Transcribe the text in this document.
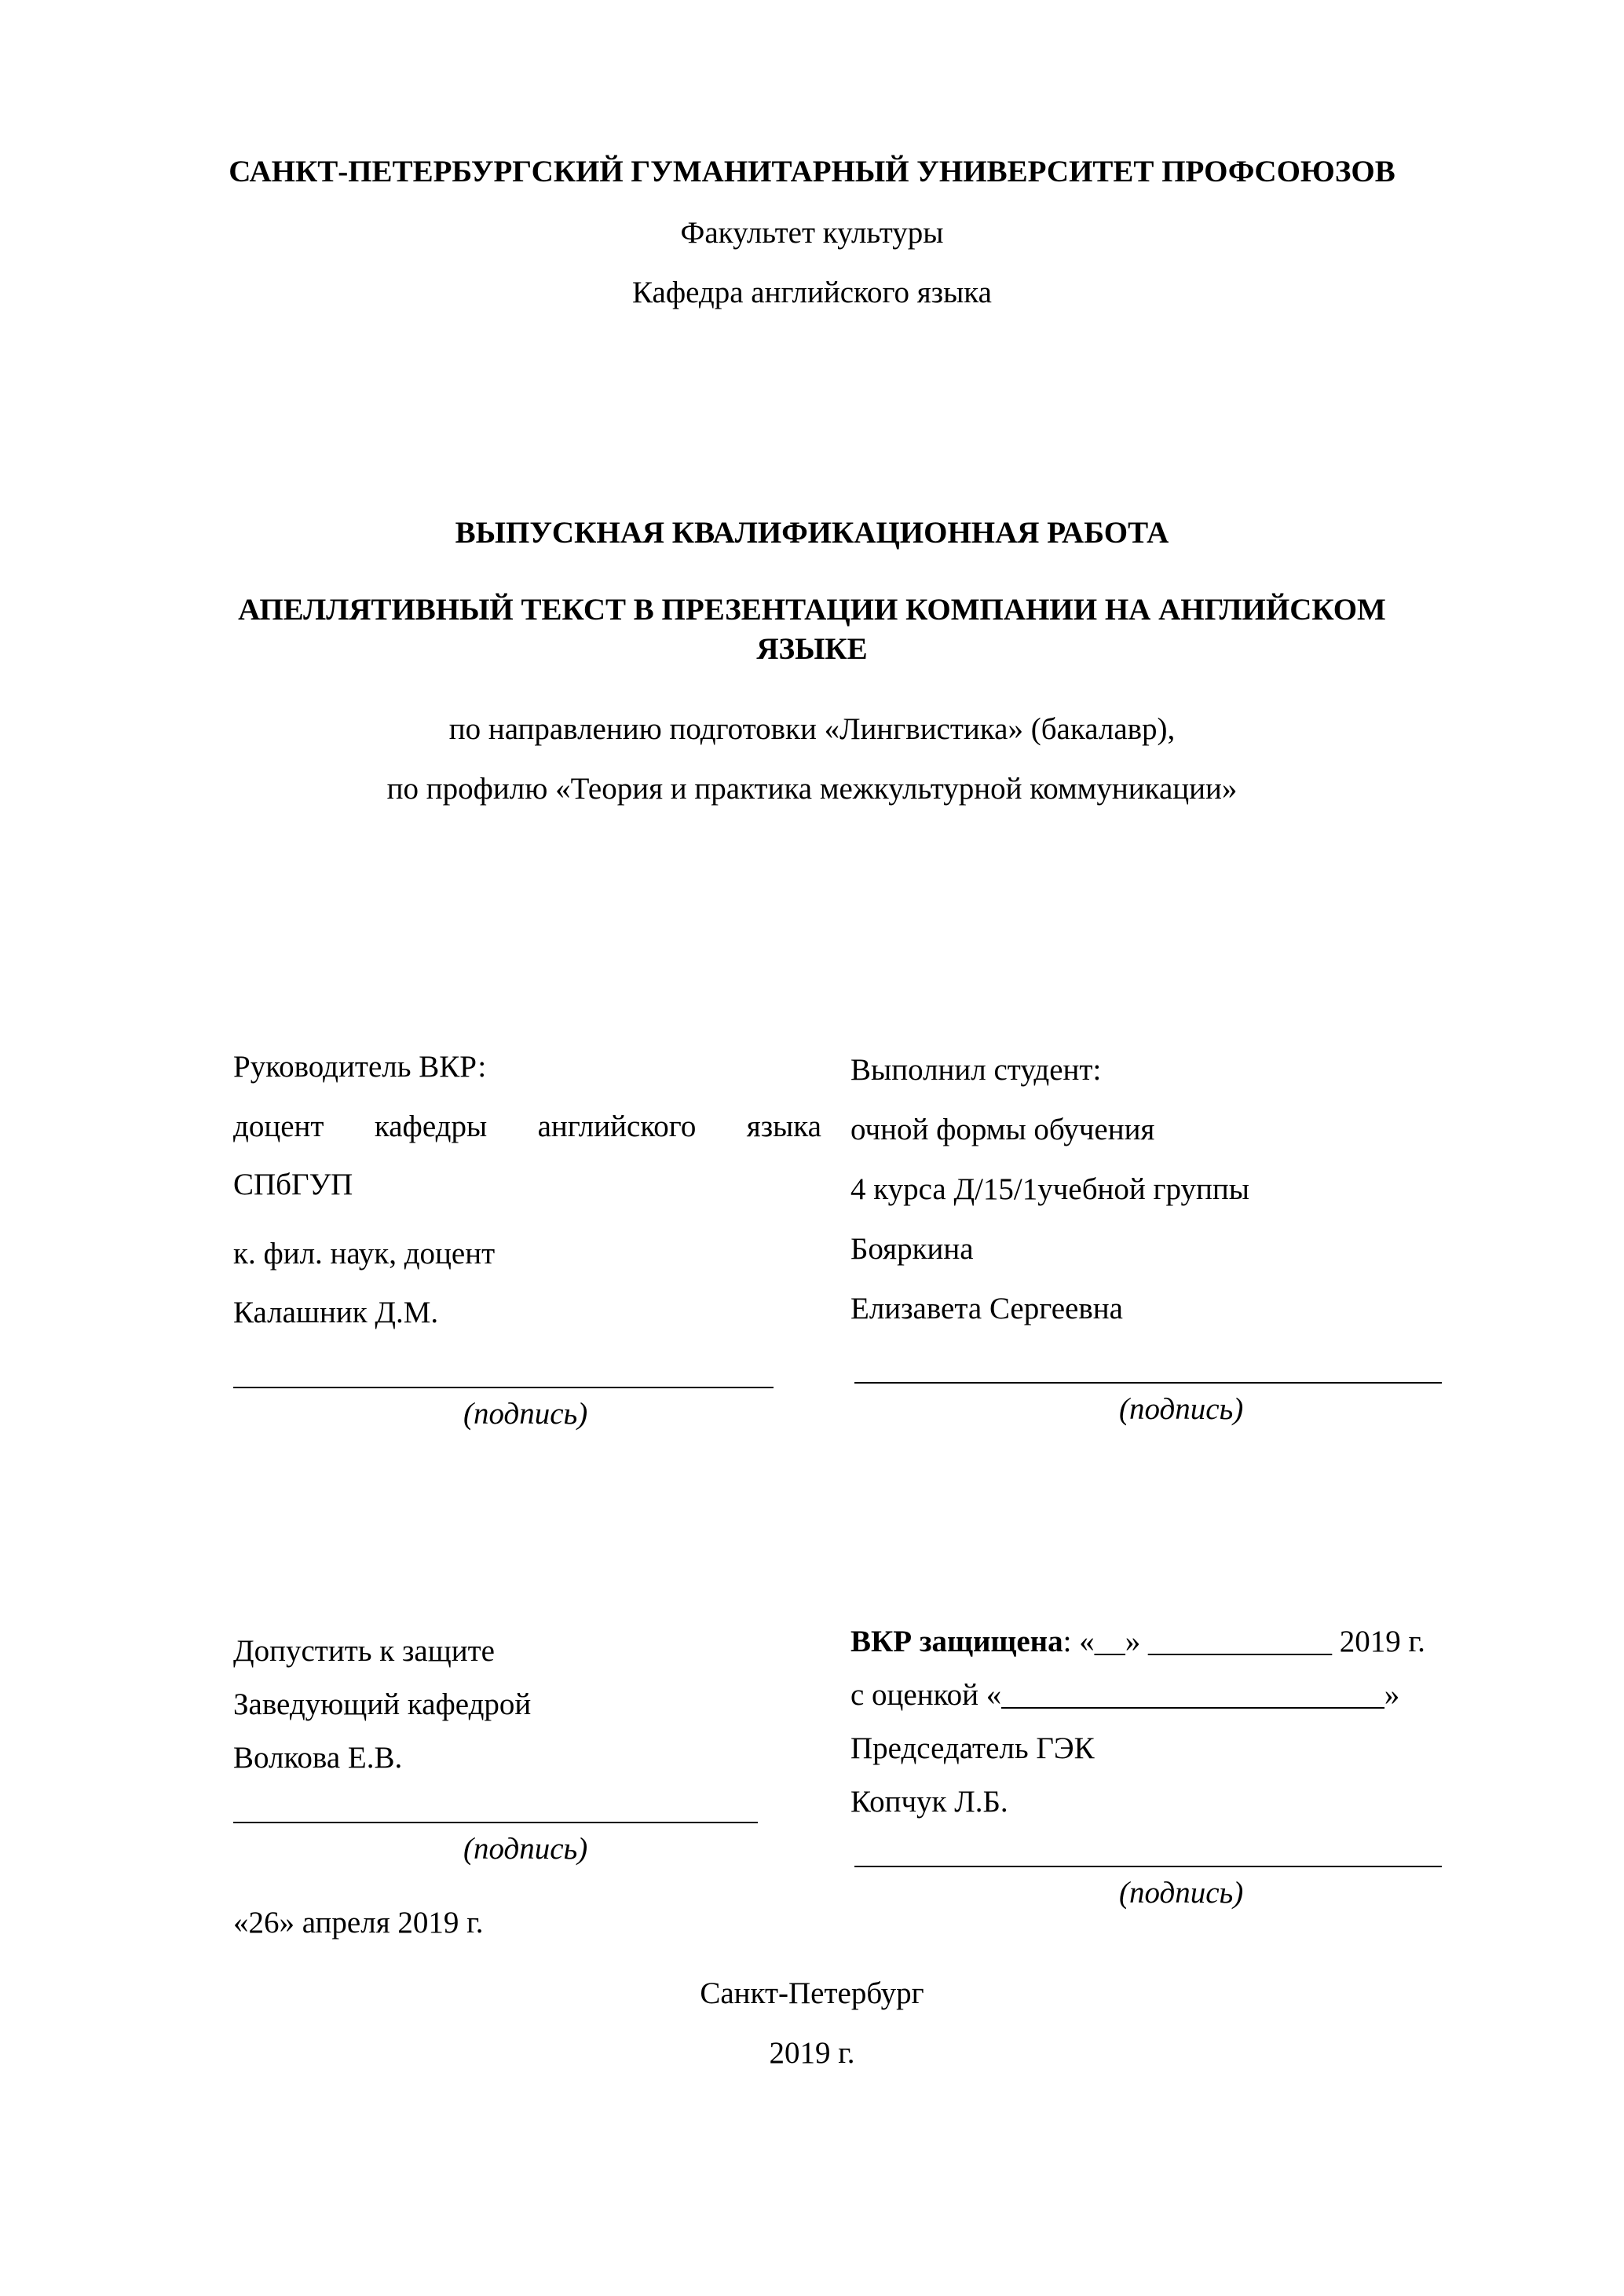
САНКТ-ПЕТЕРБУРГСКИЙ ГУМАНИТАРНЫЙ УНИВЕРСИТЕТ ПРОФСОЮЗОВ

Факультет культуры

Кафедра английского языка

ВЫПУСКНАЯ КВАЛИФИКАЦИОННАЯ РАБОТА

АПЕЛЛЯТИВНЫЙ ТЕКСТ В ПРЕЗЕНТАЦИИ КОМПАНИИ НА АНГЛИЙСКОМ

ЯЗЫКЕ

по направлению подготовки «Лингвистика» (бакалавр),

по профилю «Теория и практика межкультурной коммуникации»

Руководитель ВКР:

доцент кафедры английского языка

СПбГУП

к. фил. наук, доцент

Калашник Д.М.

(подпись)

Выполнил студент:

очной формы обучения

4 курса Д/15/1учебной группы

Бояркина

Елизавета Сергеевна

(подпись)

Допустить к защите

Заведующий кафедрой

Волкова Е.В.

(подпись)

«26» апреля 2019 г.

ВКР защищена: «__» ____________ 2019 г.

с оценкой «_________________________»

Председатель ГЭК

Копчук Л.Б.

(подпись)

Санкт-Петербург

2019 г.
